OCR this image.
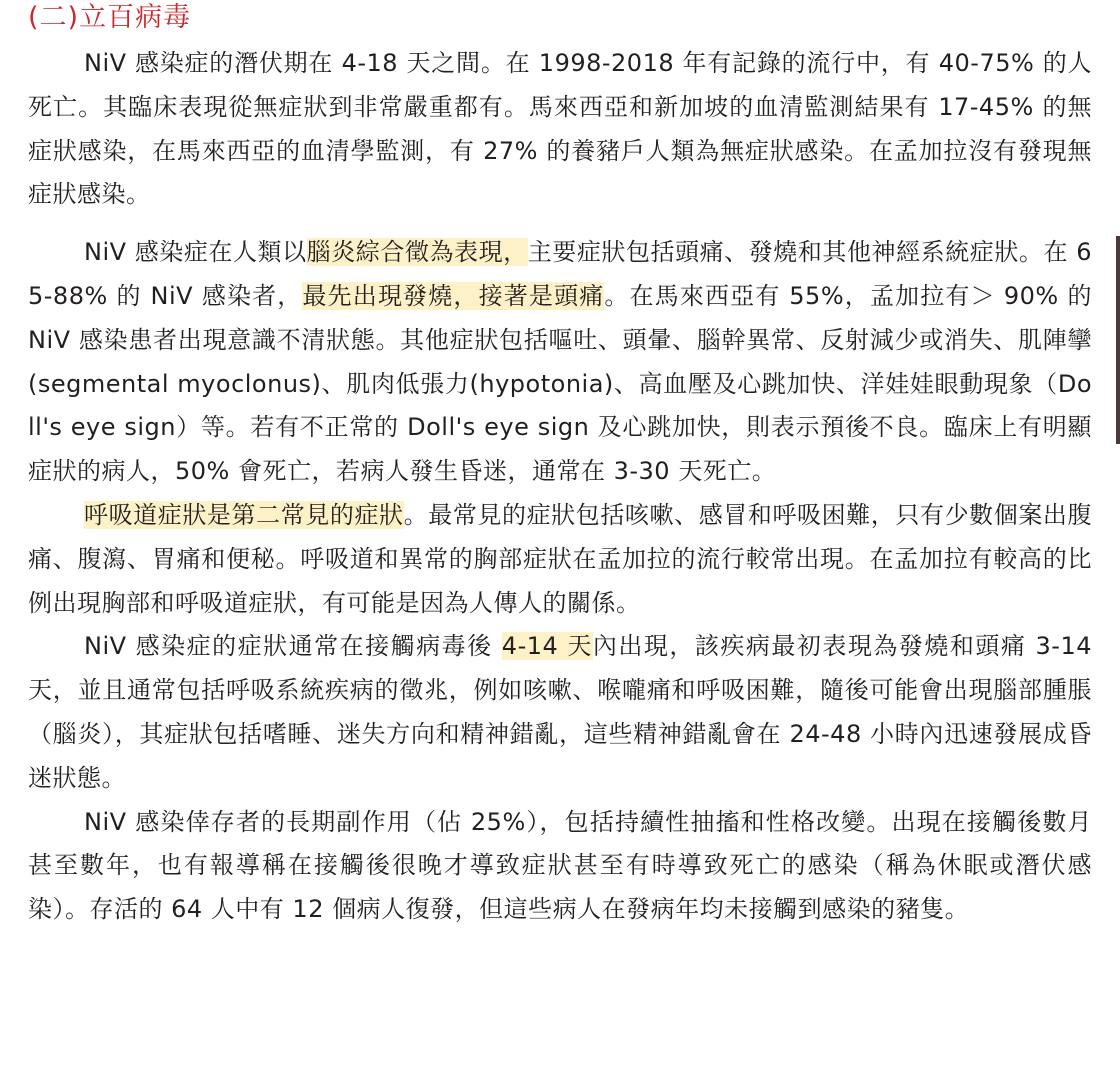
(二)立百病毒

NiV 感染症的潛伏期在 4-18 天之間。在 1998-2018 年有記錄的流行中，有 40-75% 的人死亡。其臨床表現從無症狀到非常嚴重都有。馬來西亞和新加坡的血清監測結果有 17-45% 的無症狀感染，在馬來西亞的血清學監測，有 27% 的養豬戶人類為無症狀感染。在孟加拉沒有發現無症狀感染。

NiV 感染症在人類以腦炎綜合徵為表現，主要症狀包括頭痛、發燒和其他神經系統症狀。在 65-88% 的 NiV 感染者，最先出現發燒，接著是頭痛。在馬來西亞有 55%，孟加拉有＞ 90% 的 NiV 感染患者出現意識不清狀態。其他症狀包括嘔吐、頭暈、腦幹異常、反射減少或消失、肌陣攣(segmental myoclonus)、肌肉低張力(hypotonia)、高血壓及心跳加快、洋娃娃眼動現象（Doll's eye sign）等。若有不正常的 Doll's eye sign 及心跳加快，則表示預後不良。臨床上有明顯症狀的病人，50% 會死亡，若病人發生昏迷，通常在 3-30 天死亡。

呼吸道症狀是第二常見的症狀。最常見的症狀包括咳嗽、感冒和呼吸困難，只有少數個案出腹痛、腹瀉、胃痛和便秘。呼吸道和異常的胸部症狀在孟加拉的流行較常出現。在孟加拉有較高的比例出現胸部和呼吸道症狀，有可能是因為人傳人的關係。

NiV 感染症的症狀通常在接觸病毒後 4-14 天內出現，該疾病最初表現為發燒和頭痛 3-14 天，並且通常包括呼吸系統疾病的徵兆，例如咳嗽、喉嚨痛和呼吸困難，隨後可能會出現腦部腫脹（腦炎），其症狀包括嗜睡、迷失方向和精神錯亂，這些精神錯亂會在 24-48 小時內迅速發展成昏迷狀態。

NiV 感染倖存者的長期副作用（佔 25%），包括持續性抽搐和性格改變。出現在接觸後數月甚至數年，也有報導稱在接觸後很晚才導致症狀甚至有時導致死亡的感染（稱為休眠或潛伏感染）。存活的 64 人中有 12 個病人復發，但這些病人在發病年均未接觸到感染的豬隻。
